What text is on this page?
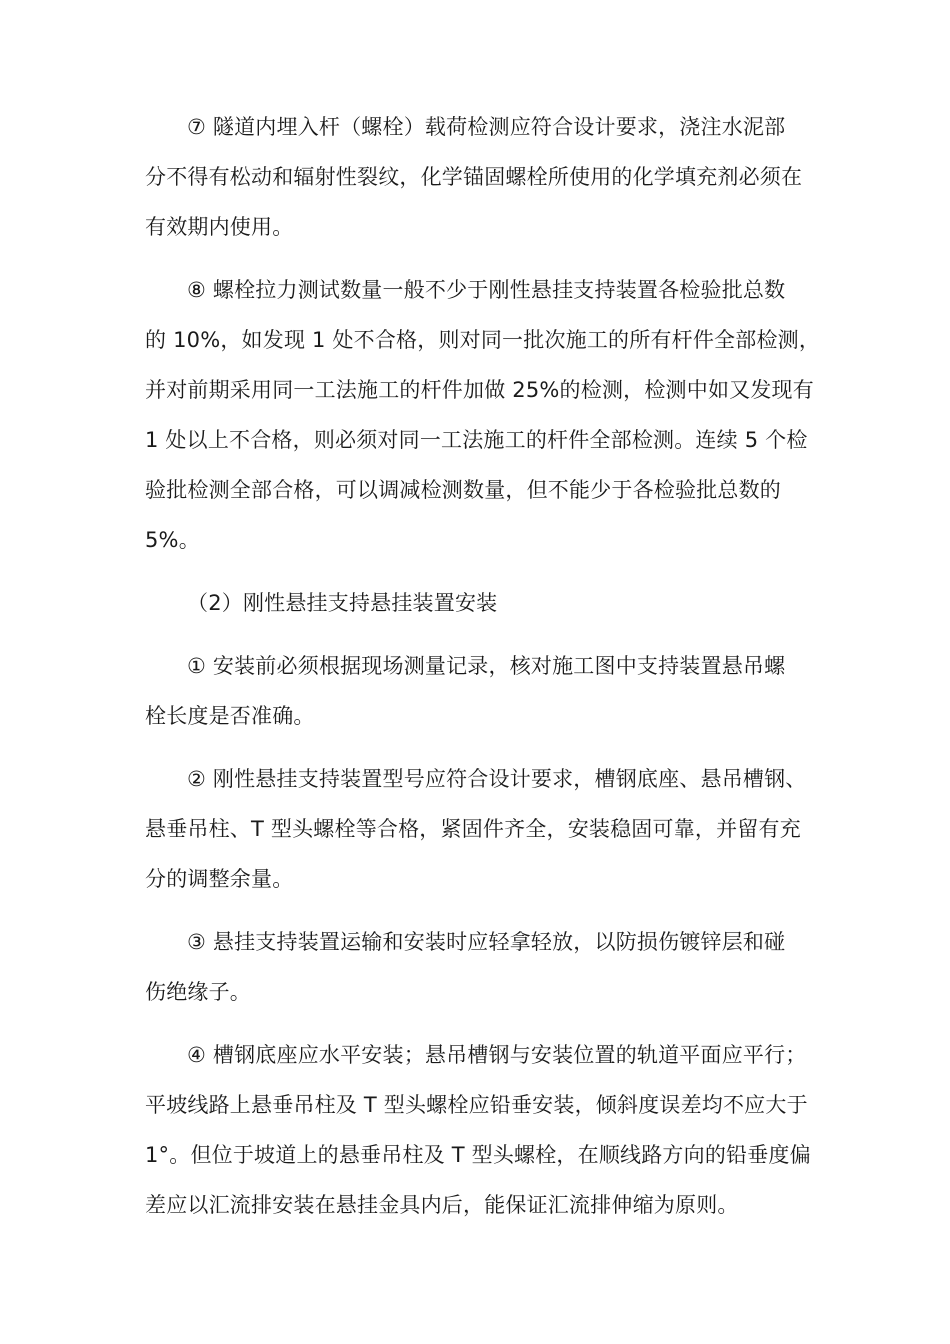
⑦ 隧道内埋入杆（螺栓）载荷检测应符合设计要求，浇注水泥部
分不得有松动和辐射性裂纹，化学锚固螺栓所使用的化学填充剂必须在
有效期内使用。
⑧ 螺栓拉力测试数量一般不少于刚性悬挂支持装置各检验批总数
的 10%，如发现 1 处不合格，则对同一批次施工的所有杆件全部检测，
并对前期采用同一工法施工的杆件加做 25%的检测，检测中如又发现有
1 处以上不合格，则必须对同一工法施工的杆件全部检测。连续 5 个检
验批检测全部合格，可以调减检测数量，但不能少于各检验批总数的
5%。
（2）刚性悬挂支持悬挂装置安装
① 安装前必须根据现场测量记录，核对施工图中支持装置悬吊螺
栓长度是否准确。
② 刚性悬挂支持装置型号应符合设计要求，槽钢底座、悬吊槽钢、
悬垂吊柱、T 型头螺栓等合格，紧固件齐全，安装稳固可靠，并留有充
分的调整余量。
③ 悬挂支持装置运输和安装时应轻拿轻放，以防损伤镀锌层和碰
伤绝缘子。
④ 槽钢底座应水平安装；悬吊槽钢与安装位置的轨道平面应平行；
平坡线路上悬垂吊柱及 T 型头螺栓应铅垂安装，倾斜度误差均不应大于
1°。但位于坡道上的悬垂吊柱及 T 型头螺栓，在顺线路方向的铅垂度偏
差应以汇流排安装在悬挂金具内后，能保证汇流排伸缩为原则。
